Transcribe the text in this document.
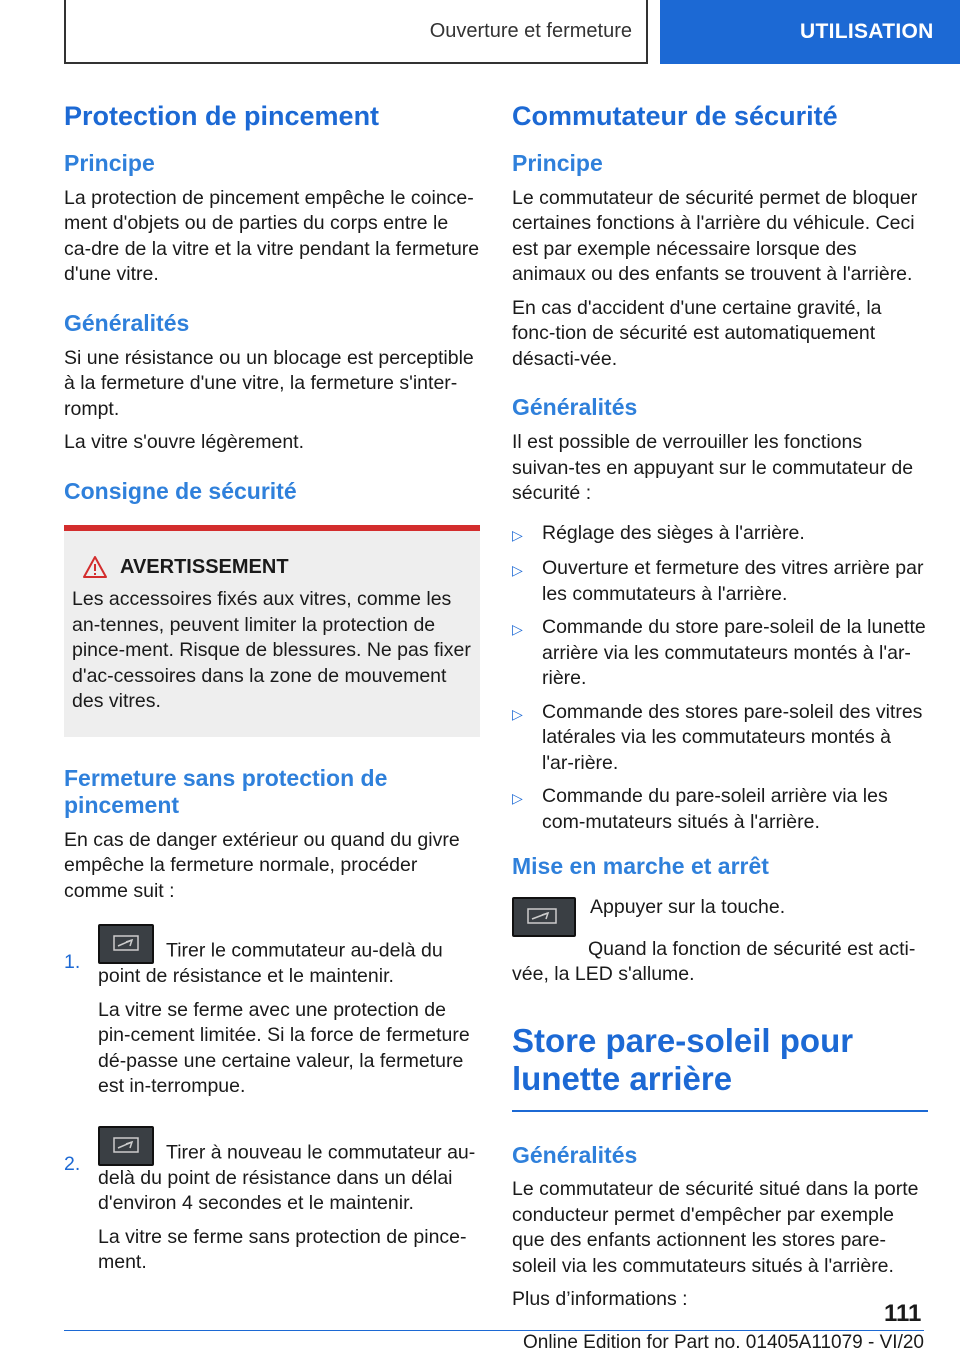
Ouverture et fermeture	UTILISATION
Protection de pincement
Principe

La protection de pincement empêche le coince-ment d'objets ou de parties du corps entre le ca-dre de la vitre et la vitre pendant la fermeture d'une vitre.

Généralités

Si une résistance ou un blocage est perceptible à la fermeture d'une vitre, la fermeture s'inter-rompt.

La vitre s'ouvre légèrement.

Consigne de sécurité
AVERTISSEMENT

Les accessoires fixés aux vitres, comme les an-tennes, peuvent limiter la protection de pince-ment. Risque de blessures. Ne pas fixer d'ac-cessoires dans la zone de mouvement des vitres.

Fermeture sans protection de pincement

En cas de danger extérieur ou quand du givre empêche la fermeture normale, procéder comme suit :

1.

Tirer le commutateur au-delà du point de résistance et le maintenir.

La vitre se ferme avec une protection de pin-cement limitée. Si la force de fermeture dé-passe une certaine valeur, la fermeture est in-terrompue.

2.

Tirer à nouveau le commutateur au-delà du point de résistance dans un délai d'environ 4 secondes et le maintenir.

La vitre se ferme sans protection de pince-ment.

Commutateur de sécurité
Principe

Le commutateur de sécurité permet de bloquer certaines fonctions à l'arrière du véhicule. Ceci est par exemple nécessaire lorsque des animaux ou des enfants se trouvent à l'arrière.

En cas d'accident d'une certaine gravité, la fonc-tion de sécurité est automatiquement désacti-vée.

Généralités

Il est possible de verrouiller les fonctions suivan-tes en appuyant sur le commutateur de sécurité :

▷ Réglage des sièges à l'arrière.
▷ Ouverture et fermeture des vitres arrière par les commutateurs à l'arrière.
▷ Commande du store pare-soleil de la lunette arrière via les commutateurs montés à l'ar-rière.
▷ Commande des stores pare-soleil des vitres latérales via les commutateurs montés à l'ar-rière.
▷ Commande du pare-soleil arrière via les com-mutateurs situés à l'arrière.
Mise en marche et arrêt

Appuyer sur la touche.

Quand la fonction de sécurité est acti-vée, la LED s'allume.

Store pare-soleil pour lunette arrière
Généralités

Le commutateur de sécurité situé dans la porte conducteur permet d'empêcher par exemple que des enfants actionnent les stores pare-soleil via les commutateurs situés à l'arrière.

Plus d’informations :

111
Online Edition for Part no. 01405A11079 - VI/20
